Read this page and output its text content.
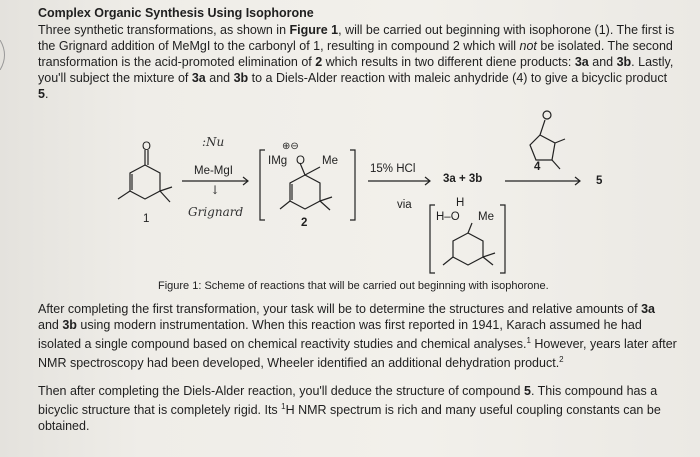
Complex Organic Synthesis Using Isophorone
Three synthetic transformations, as shown in Figure 1, will be carried out beginning with isophorone (1). The first is the Grignard addition of MeMgI to the carbonyl of 1, resulting in compound 2 which will not be isolated. The second transformation is the acid-promoted elimination of 2 which results in two different diene products: 3a and 3b. Lastly, you'll subject the mixture of 3a and 3b to a Diels-Alder reaction with maleic anhydride (4) to give a bicyclic product 5.
O
1
:Nu
Me-MgI
↓
Grignard
IMg
⊕⊖
O Me
2
15% HCl
3a + 3b
4
5
via	H
H–O Me
Figure 1: Scheme of reactions that will be carried out beginning with isophorone.
After completing the first transformation, your task will be to determine the structures and relative amounts of 3a and 3b using modern instrumentation. When this reaction was first reported in 1941, Karach assumed he had isolated a single compound based on chemical reactivity studies and chemical analyses.$^1$ However, years later after NMR spectroscopy had been developed, Wheeler identified an additional dehydration product.$^2$
Then after completing the Diels-Alder reaction, you'll deduce the structure of compound 5. This compound has a bicyclic structure that is completely rigid. Its $^1$H NMR spectrum is rich and many useful coupling constants can be obtained.
